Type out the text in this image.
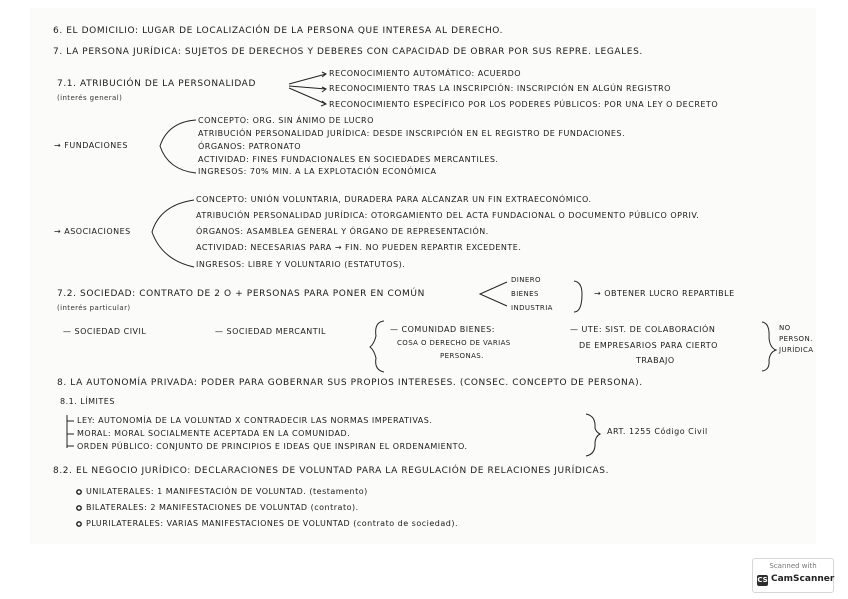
6. EL DOMICILIO: LUGAR DE LOCALIZACIÓN DE LA PERSONA QUE INTERESA AL DERECHO.
7. LA PERSONA JURÍDICA: SUJETOS DE DERECHOS Y DEBERES CON CAPACIDAD DE OBRAR POR SUS REPRE. LEGALES.
7.1. ATRIBUCIÓN DE LA PERSONALIDAD
(interés general)
RECONOCIMIENTO AUTOMÁTICO: ACUERDO
RECONOCIMIENTO TRAS LA INSCRIPCIÓN: INSCRIPCIÓN EN ALGÚN REGISTRO
RECONOCIMIENTO ESPECÍFICO POR LOS PODERES PÚBLICOS: POR UNA LEY O DECRETO
→ FUNDACIONES
CONCEPTO: ORG. SIN ÁNIMO DE LUCRO
ATRIBUCIÓN PERSONALIDAD JURÍDICA: DESDE INSCRIPCIÓN EN EL REGISTRO DE FUNDACIONES.
ÓRGANOS: PATRONATO
ACTIVIDAD: FINES FUNDACIONALES EN SOCIEDADES MERCANTILES.
INGRESOS: 70% MIN. A LA EXPLOTACIÓN ECONÓMICA
→ ASOCIACIONES
CONCEPTO: UNIÓN VOLUNTARIA, DURADERA PARA ALCANZAR UN FIN EXTRAECONÓMICO.
ATRIBUCIÓN PERSONALIDAD JURÍDICA: OTORGAMIENTO DEL ACTA FUNDACIONAL O DOCUMENTO PÚBLICO OPRIV.
ÓRGANOS: ASAMBLEA GENERAL Y ÓRGANO DE REPRESENTACIÓN.
ACTIVIDAD: NECESARIAS PARA → FIN. NO PUEDEN REPARTIR EXCEDENTE.
INGRESOS: LIBRE Y VOLUNTARIO (ESTATUTOS).
7.2. SOCIEDAD: CONTRATO DE 2 O + PERSONAS PARA PONER EN COMÚN
(interés particular)
DINERO
BIENES
INDUSTRIA
→ OBTENER LUCRO REPARTIBLE
— SOCIEDAD CIVIL	— SOCIEDAD MERCANTIL	— COMUNIDAD BIENES:
COSA O DERECHO DE VARIAS
PERSONAS.
— UTE: SIST. DE COLABORACIÓN
DE EMPRESARIOS PARA CIERTO
TRABAJO
NO
PERSON.
JURÍDICA
8. LA AUTONOMÍA PRIVADA: PODER PARA GOBERNAR SUS PROPIOS INTERESES. (CONSEC. CONCEPTO DE PERSONA).
8.1. LÍMITES
LEY: AUTONOMÍA DE LA VOLUNTAD X CONTRADECIR LAS NORMAS IMPERATIVAS.
MORAL: MORAL SOCIALMENTE ACEPTADA EN LA COMUNIDAD.
ORDEN PÚBLICO: CONJUNTO DE PRINCIPIOS E IDEAS QUE INSPIRAN EL ORDENAMIENTO.
ART. 1255 Código Civil
8.2. EL NEGOCIO JURÍDICO: DECLARACIONES DE VOLUNTAD PARA LA REGULACIÓN DE RELACIONES JURÍDICAS.
UNILATERALES: 1 MANIFESTACIÓN DE VOLUNTAD. (testamento)
BILATERALES: 2 MANIFESTACIONES DE VOLUNTAD (contrato).
PLURILATERALES: VARIAS MANIFESTACIONES DE VOLUNTAD (contrato de sociedad).
Scanned with
CS CamScanner
